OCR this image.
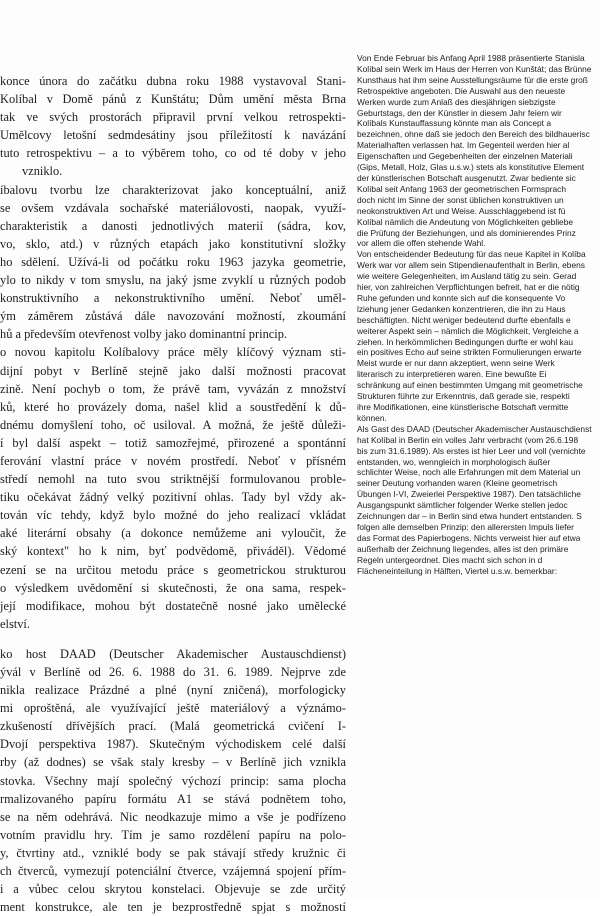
konce února do začátku dubna roku 1988 vystavoval Stani-
Kolíbal v Domě pánů z Kunštátu; Dům umění města Brna
tak ve svých prostorách připravil první velkou retrospekti-
Umělcovy letošní sedmdesátiny jsou příležitostí k navázání
tuto retrospektivu – a to výběrem toho, co od té doby v jeho
vzniklo.
íbalovu tvorbu lze charakterizovat jako konceptuální, aniž
se ovšem vzdávala sochařské materiálovosti, naopak, využí-
charakteristik a danosti jednotlivých materií (sádra, kov,
vo, sklo, atd.) v různých etapách jako konstitutivní složky
ho sdělení. Užívá-li od počátku roku 1963 jazyka geometrie,
ylo to nikdy v tom smyslu, na jaký jsme zvyklí u různých podob
konstruktivního a nekonstruktivního umění. Neboť uměl-
ým záměrem zůstává dále navozování možností, zkoumání
hů a především otevřenost volby jako dominantní princip.
o novou kapitolu Kolíbalovy práce měly klíčový význam sti-
dijní pobyt v Berlíně stejně jako další možnosti pracovat
zině. Není pochyb o tom, že právě tam, vyvázán z množství
ků, které ho provázely doma, našel klid a soustředění k dů-
dnému domyšlení toho, oč usiloval. A možná, že ještě důleži-
í byl další aspekt – totiž samozřejmé, přirozené a spontánní
ferování vlastní práce v novém prostředí. Neboť v přísném
středí nemohl na tuto svou striktnější formulovanou proble-
tiku očekávat žádný velký pozitivní ohlas. Tady byl vždy ak-
tován víc tehdy, když bylo možné do jeho realizací vkládat
aké literární obsahy (a dokonce nemůžeme ani vyloučit, že
ský kontext" ho k nim, byť podvědomě, přiváděl). Vědomé
ezení se na určitou metodu práce s geometrickou strukturou
o výsledkem uvědomění si skutečnosti, že ona sama, respek-
její modifikace, mohou být dostatečně nosné jako umělecké
elství.
ko host DAAD (Deutscher Akademischer Austauschdienst)
ývál v Berlíně od 26. 6. 1988 do 31. 6. 1989. Nejprve zde
nikla realizace Prázdné a plné (nyní zničená), morfologicky
mi oproštěná, ale využívající ještě materiálový a význámo-
zkušeností dřívějších prací. (Malá geometrická cvičení I-
Dvojí perspektiva 1987). Skutečným východiskem celé další
rby (až dodnes) se však staly kresby – v Berlíně jich vznikla
stovka. Všechny mají společný výchozí princip: sama plocha
rmalizovaného papíru formátu A1 se stává podnětem toho,
se na něm odehrává. Nic neodkazuje mimo a vše je podřízeno
votním pravidlu hry. Tím je samo rozdělení papíru na polo-
y, čtvrtiny atd., vzniklé body se pak stávají středy kružnic či
ch čtverců, vymezují potenciální čtverce, vzájemná spojení přím-
i a vůbec celou skrytou konstelaci. Objevuje se zde určitý
ment konstrukce, ale ten je bezprostředně spjat s možností
Von Ende Februar bis Anfang April 1988 präsentierte Stanisla
Kolíbal sein Werk im Haus der Herren von Kunštát; das Brünne
Kunsthaus hat ihm seine Ausstellungsräume für die erste groß
Retrospektive angeboten. Die Auswahl aus den neueste
Werken wurde zum Anlaß des diesjährigen siebzigste
Geburtstags, den der Künstler in diesem Jahr feiern wir
Kolíbals Kunstauffassung könnte man als Concept a
bezeichnen, ohne daß sie jedoch den Bereich des bildhauerisc
Materialhaften verlassen hat. Im Gegenteil werden hier al
Eigenschaften und Gegebenheiten der einzelnen Materiali
(Gips, Metall, Holz, Glas u.s.w.) stets als konstitutive Element
der künstlerischen Botschaft ausgenutzt. Zwar bediente sic
Kolíbal seit Anfang 1963 der geometrischen Formsprach
doch nicht im Sinne der sonst üblichen konstruktiven un
neokonstruktiven Art und Weise. Ausschlaggebend ist fü
Kolíbal nämlich die Andeutung von Möglichkeiten gebliebe
die Prüfung der Beziehungen, und als dominierendes Prinz
vor allem die offen stehende Wahl.
Von entscheidender Bedeutung für das neue Kapitel in Kolíba
Werk war vor allem sein Stipendienaufenthalt in Berlin, ebens
wie weitere Gelegenheiten, im Ausland tätig zu sein. Gerad
hier, von zahlreichen Verpflichtungen befreit, hat er die nötig
Ruhe gefunden und konnte sich auf die konsequente Vo
lziehung jener Gedanken konzentrieren, die ihn zu Haus
beschäftigten. Nicht weniger bedeutend durfte ebenfalls e
weiterer Aspekt sein – nämlich die Möglichkeit, Vergleiche a
ziehen. In herkömmlichen Bedingungen durfte er wohl kau
ein positives Echo auf seine strikten Formulierungen erwarte
Meist wurde er nur dann akzeptiert, wenn seine Werk
literarisch zu interpretieren waren. Eine bewußte Ei
schränkung auf einen bestimmten Umgang mit geometrische
Strukturen führte zur Erkenntnis, daß gerade sie, respekti
ihre Modifikationen, eine künstlerische Botschaft vermitte
können.
Als Gast des DAAD (Deutscher Akademischer Austauschdienst
hat Kolíbal in Berlin ein volles Jahr verbracht (vom 26.6.198
bis zum 31.6.1989). Als erstes ist hier Leer und voll (vernichte
entstanden, wo, wenngleich in morphologisch äußer
schlichter Weise, noch alle Erfahrungen mit dem Material un
seiner Deutung vorhanden waren (Kleine geometrisch
Übungen I-VI, Zweierlei Perspektive 1987). Den tatsächliche
Ausgangspunkt sämtlicher folgender Werke stellen jedoc
Zeichnungen dar – in Berlin sind etwa hundert entstanden. S
folgen alle demselben Prinzip: den allerersten Impuls liefer
das Format des Papierbogens. Nichts verweist hier auf etwa
außerhalb der Zeichnung liegendes, alles ist den primäre
Regeln untergeordnet. Dies macht sich schon in d
Flächeneinteilung in Hälften, Viertel u.s.w. bemerkbar:
